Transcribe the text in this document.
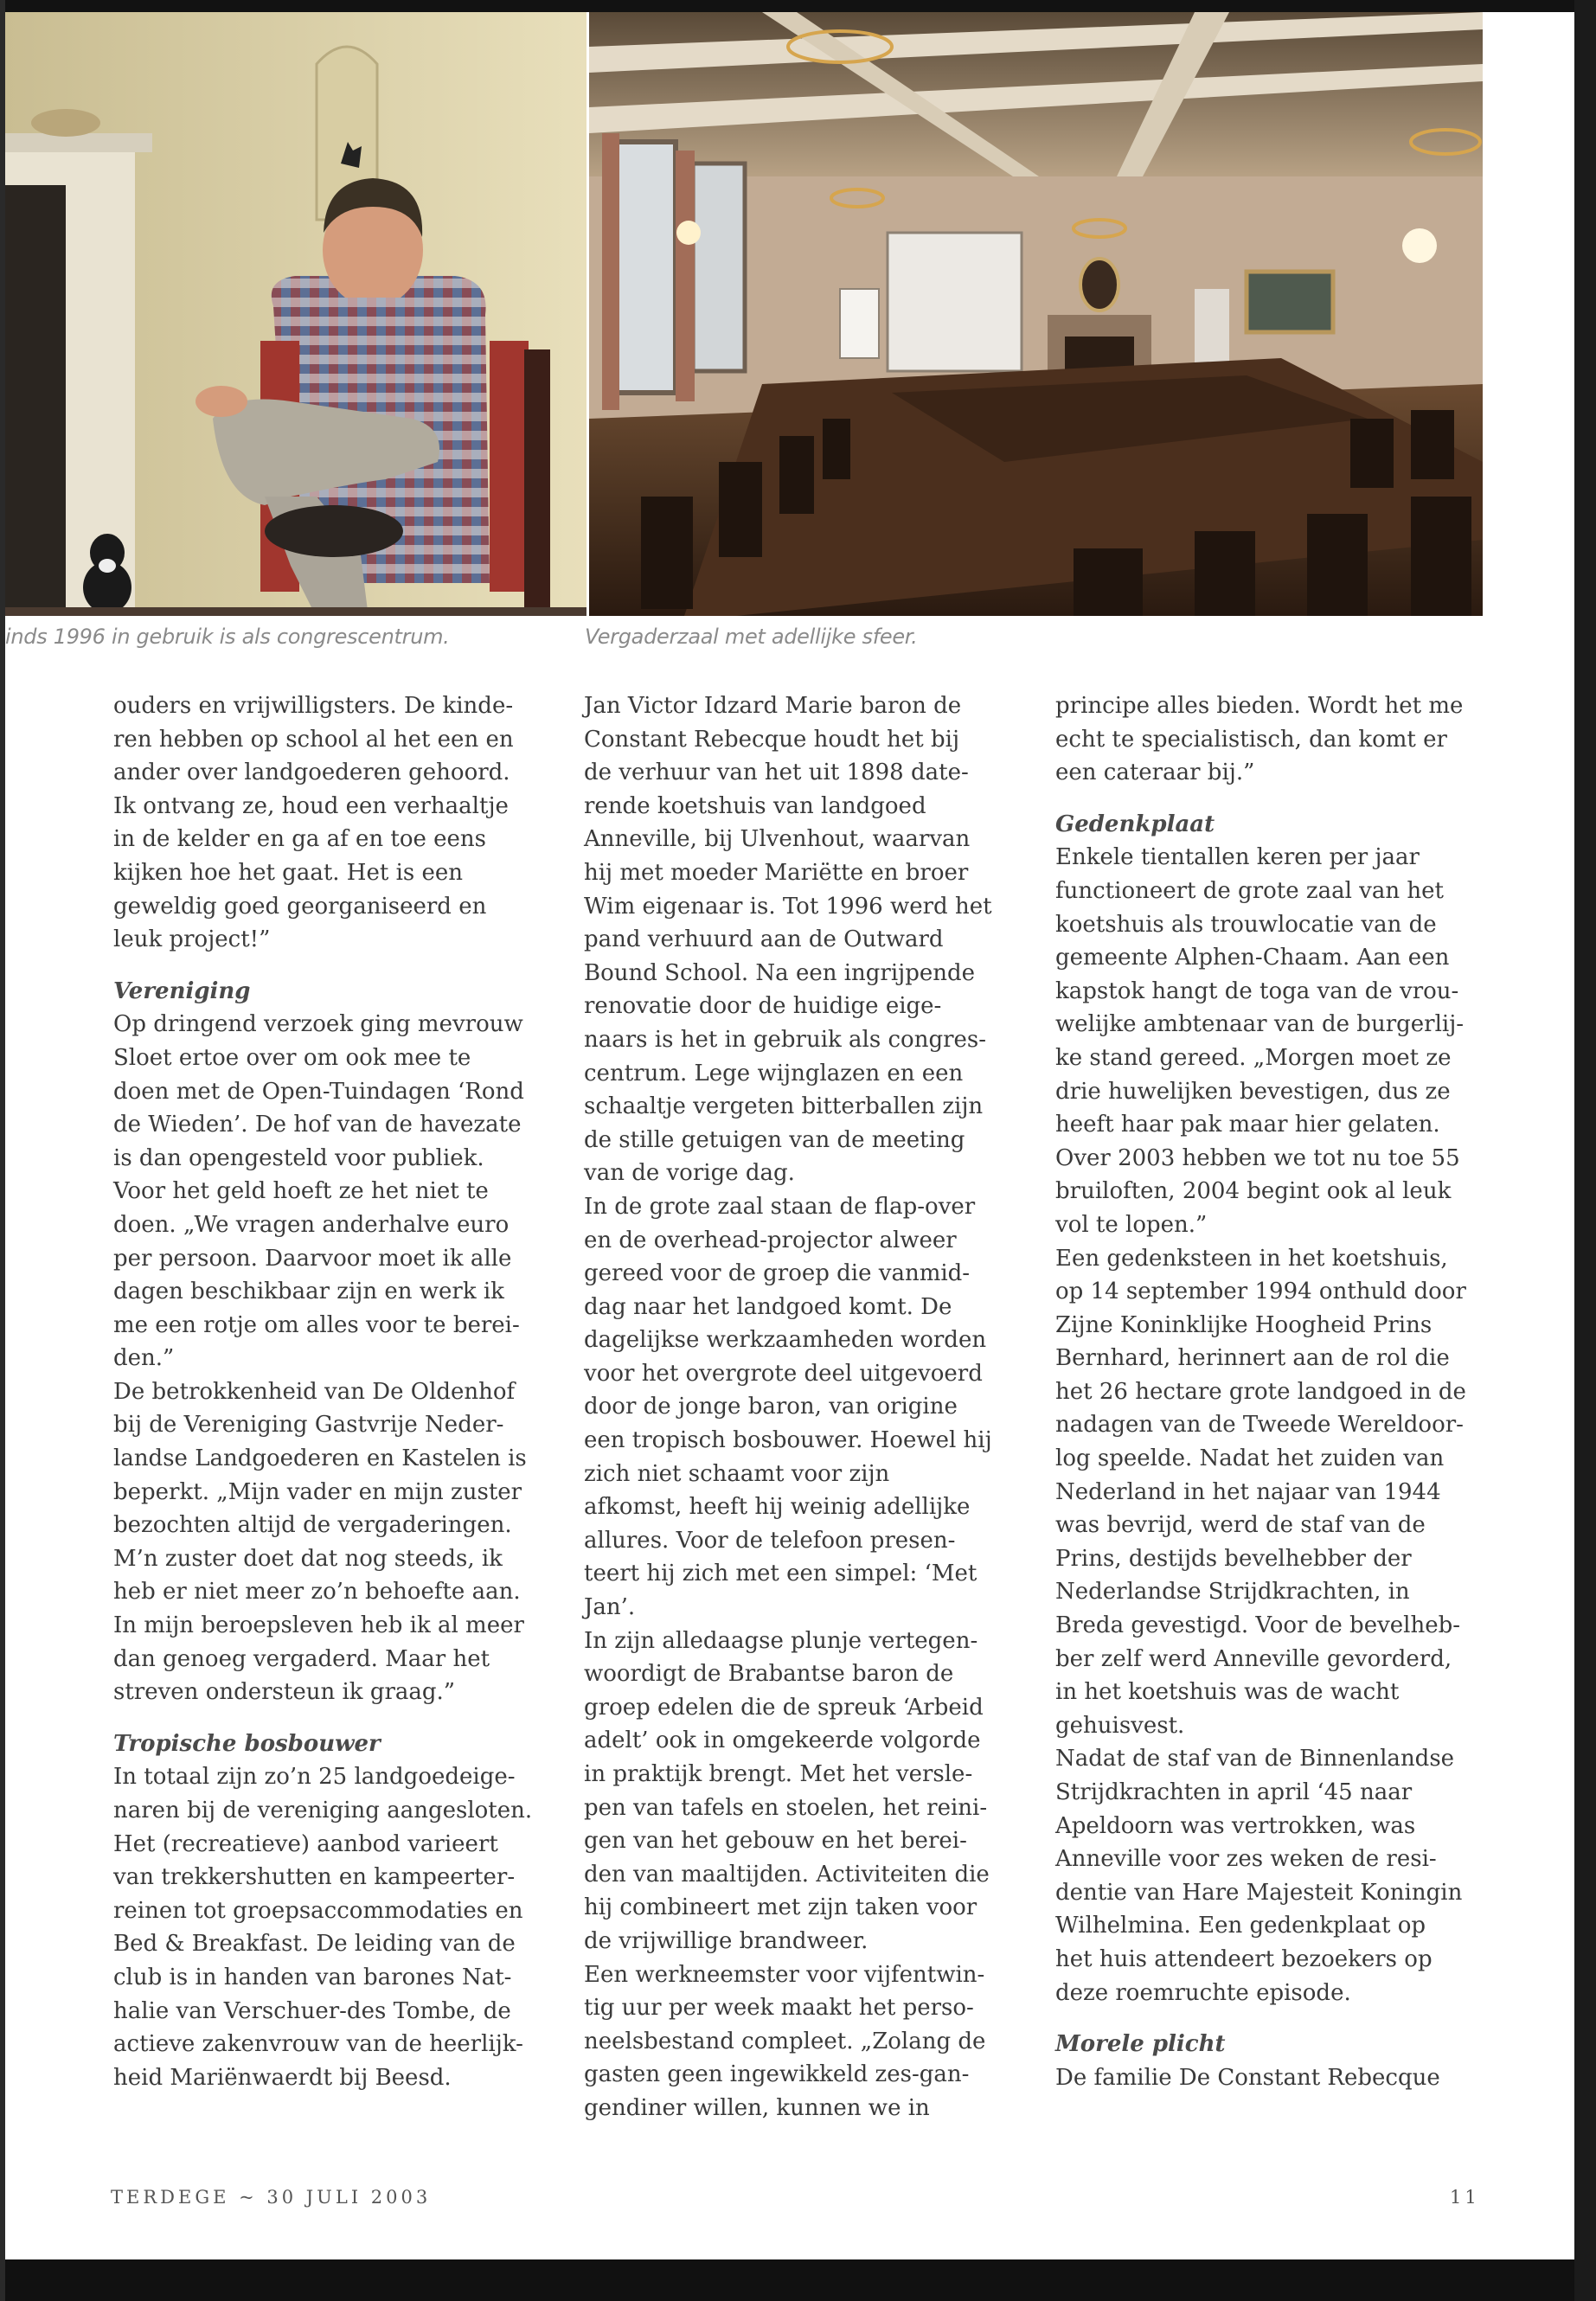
inds 1996 in gebruik is als congrescentrum.	Vergaderzaal met adellijke sfeer.
ouders en vrijwilligsters. De kinde-
ren hebben op school al het een en
ander over landgoederen gehoord.
Ik ontvang ze, houd een verhaaltje
in de kelder en ga af en toe eens
kijken hoe het gaat. Het is een
geweldig goed georganiseerd en
leuk project!”
Vereniging
Op dringend verzoek ging mevrouw
Sloet ertoe over om ook mee te
doen met de Open-Tuindagen ‘Rond
de Wieden’. De hof van de havezate
is dan opengesteld voor publiek.
Voor het geld hoeft ze het niet te
doen. „We vragen anderhalve euro
per persoon. Daarvoor moet ik alle
dagen beschikbaar zijn en werk ik
me een rotje om alles voor te berei-
den.”
De betrokkenheid van De Oldenhof
bij de Vereniging Gastvrije Neder-
landse Landgoederen en Kastelen is
beperkt. „Mijn vader en mijn zuster
bezochten altijd de vergaderingen.
M’n zuster doet dat nog steeds, ik
heb er niet meer zo’n behoefte aan.
In mijn beroepsleven heb ik al meer
dan genoeg vergaderd. Maar het
streven ondersteun ik graag.”
Tropische bosbouwer
In totaal zijn zo’n 25 landgoedeige-
naren bij de vereniging aangesloten.
Het (recreatieve) aanbod varieert
van trekkershutten en kampeerter-
reinen tot groepsaccommodaties en
Bed & Breakfast. De leiding van de
club is in handen van barones Nat-
halie van Verschuer-des Tombe, de
actieve zakenvrouw van de heerlijk-
heid Mariënwaerdt bij Beesd.
Jan Victor Idzard Marie baron de
Constant Rebecque houdt het bij
de verhuur van het uit 1898 date-
rende koetshuis van landgoed
Anneville, bij Ulvenhout, waarvan
hij met moeder Mariëtte en broer
Wim eigenaar is. Tot 1996 werd het
pand verhuurd aan de Outward
Bound School. Na een ingrijpende
renovatie door de huidige eige-
naars is het in gebruik als congres-
centrum. Lege wijnglazen en een
schaaltje vergeten bitterballen zijn
de stille getuigen van de meeting
van de vorige dag.
In de grote zaal staan de flap-over
en de overhead-projector alweer
gereed voor de groep die vanmid-
dag naar het landgoed komt. De
dagelijkse werkzaamheden worden
voor het overgrote deel uitgevoerd
door de jonge baron, van origine
een tropisch bosbouwer. Hoewel hij
zich niet schaamt voor zijn
afkomst, heeft hij weinig adellijke
allures. Voor de telefoon presen-
teert hij zich met een simpel: ‘Met
Jan’.
In zijn alledaagse plunje vertegen-
woordigt de Brabantse baron de
groep edelen die de spreuk ‘Arbeid
adelt’ ook in omgekeerde volgorde
in praktijk brengt. Met het versle-
pen van tafels en stoelen, het reini-
gen van het gebouw en het berei-
den van maaltijden. Activiteiten die
hij combineert met zijn taken voor
de vrijwillige brandweer.
Een werkneemster voor vijfentwin-
tig uur per week maakt het perso-
neelsbestand compleet. „Zolang de
gasten geen ingewikkeld zes-gan-
gendiner willen, kunnen we in
principe alles bieden. Wordt het me
echt te specialistisch, dan komt er
een cateraar bij.”
Gedenkplaat
Enkele tientallen keren per jaar
functioneert de grote zaal van het
koetshuis als trouwlocatie van de
gemeente Alphen-Chaam. Aan een
kapstok hangt de toga van de vrou-
welijke ambtenaar van de burgerlij-
ke stand gereed. „Morgen moet ze
drie huwelijken bevestigen, dus ze
heeft haar pak maar hier gelaten.
Over 2003 hebben we tot nu toe 55
bruiloften, 2004 begint ook al leuk
vol te lopen.”
Een gedenksteen in het koetshuis,
op 14 september 1994 onthuld door
Zijne Koninklijke Hoogheid Prins
Bernhard, herinnert aan de rol die
het 26 hectare grote landgoed in de
nadagen van de Tweede Wereldoor-
log speelde. Nadat het zuiden van
Nederland in het najaar van 1944
was bevrijd, werd de staf van de
Prins, destijds bevelhebber der
Nederlandse Strijdkrachten, in
Breda gevestigd. Voor de bevelheb-
ber zelf werd Anneville gevorderd,
in het koetshuis was de wacht
gehuisvest.
Nadat de staf van de Binnenlandse
Strijdkrachten in april ‘45 naar
Apeldoorn was vertrokken, was
Anneville voor zes weken de resi-
dentie van Hare Majesteit Koningin
Wilhelmina. Een gedenkplaat op
het huis attendeert bezoekers op
deze roemruchte episode.
Morele plicht
De familie De Constant Rebecque
TERDEGE ~ 30 JULI 2003	11
